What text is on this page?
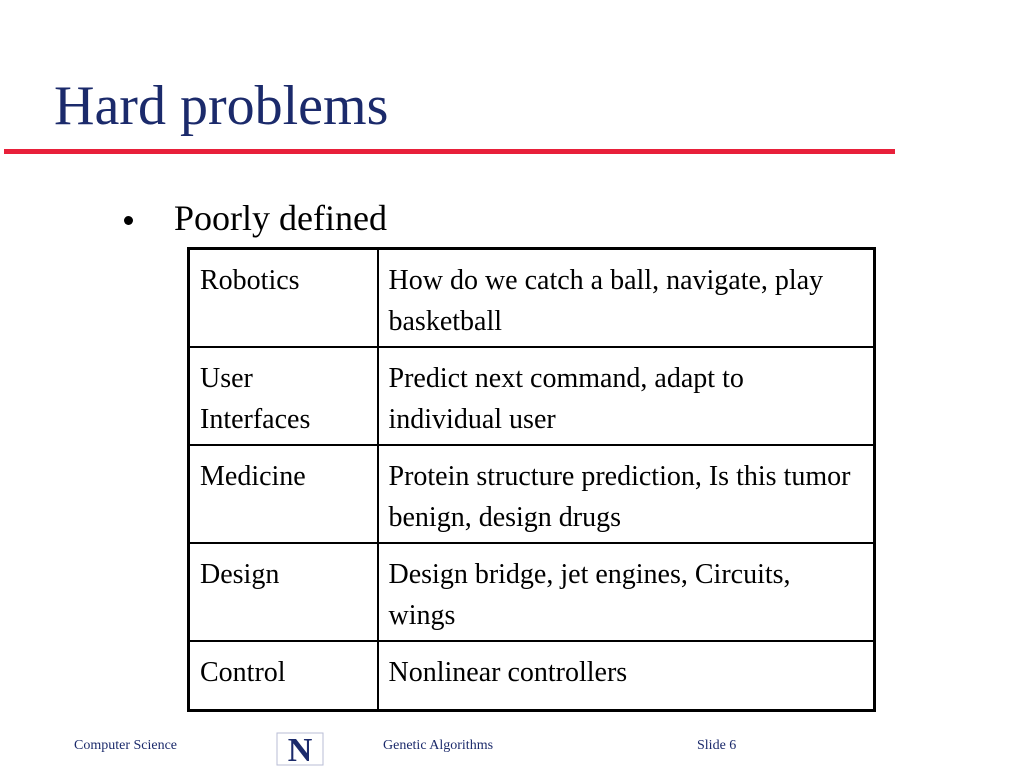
Hard problems
Poorly defined
Robotics	How do we catch a ball, navigate, play basketball
User Interfaces	Predict next command, adapt to individual user
Medicine	Protein structure prediction, Is this tumor benign, design drugs
Design	Design bridge, jet engines, Circuits, wings
Control	Nonlinear controllers
Computer Science	N	Genetic Algorithms	Slide 6
